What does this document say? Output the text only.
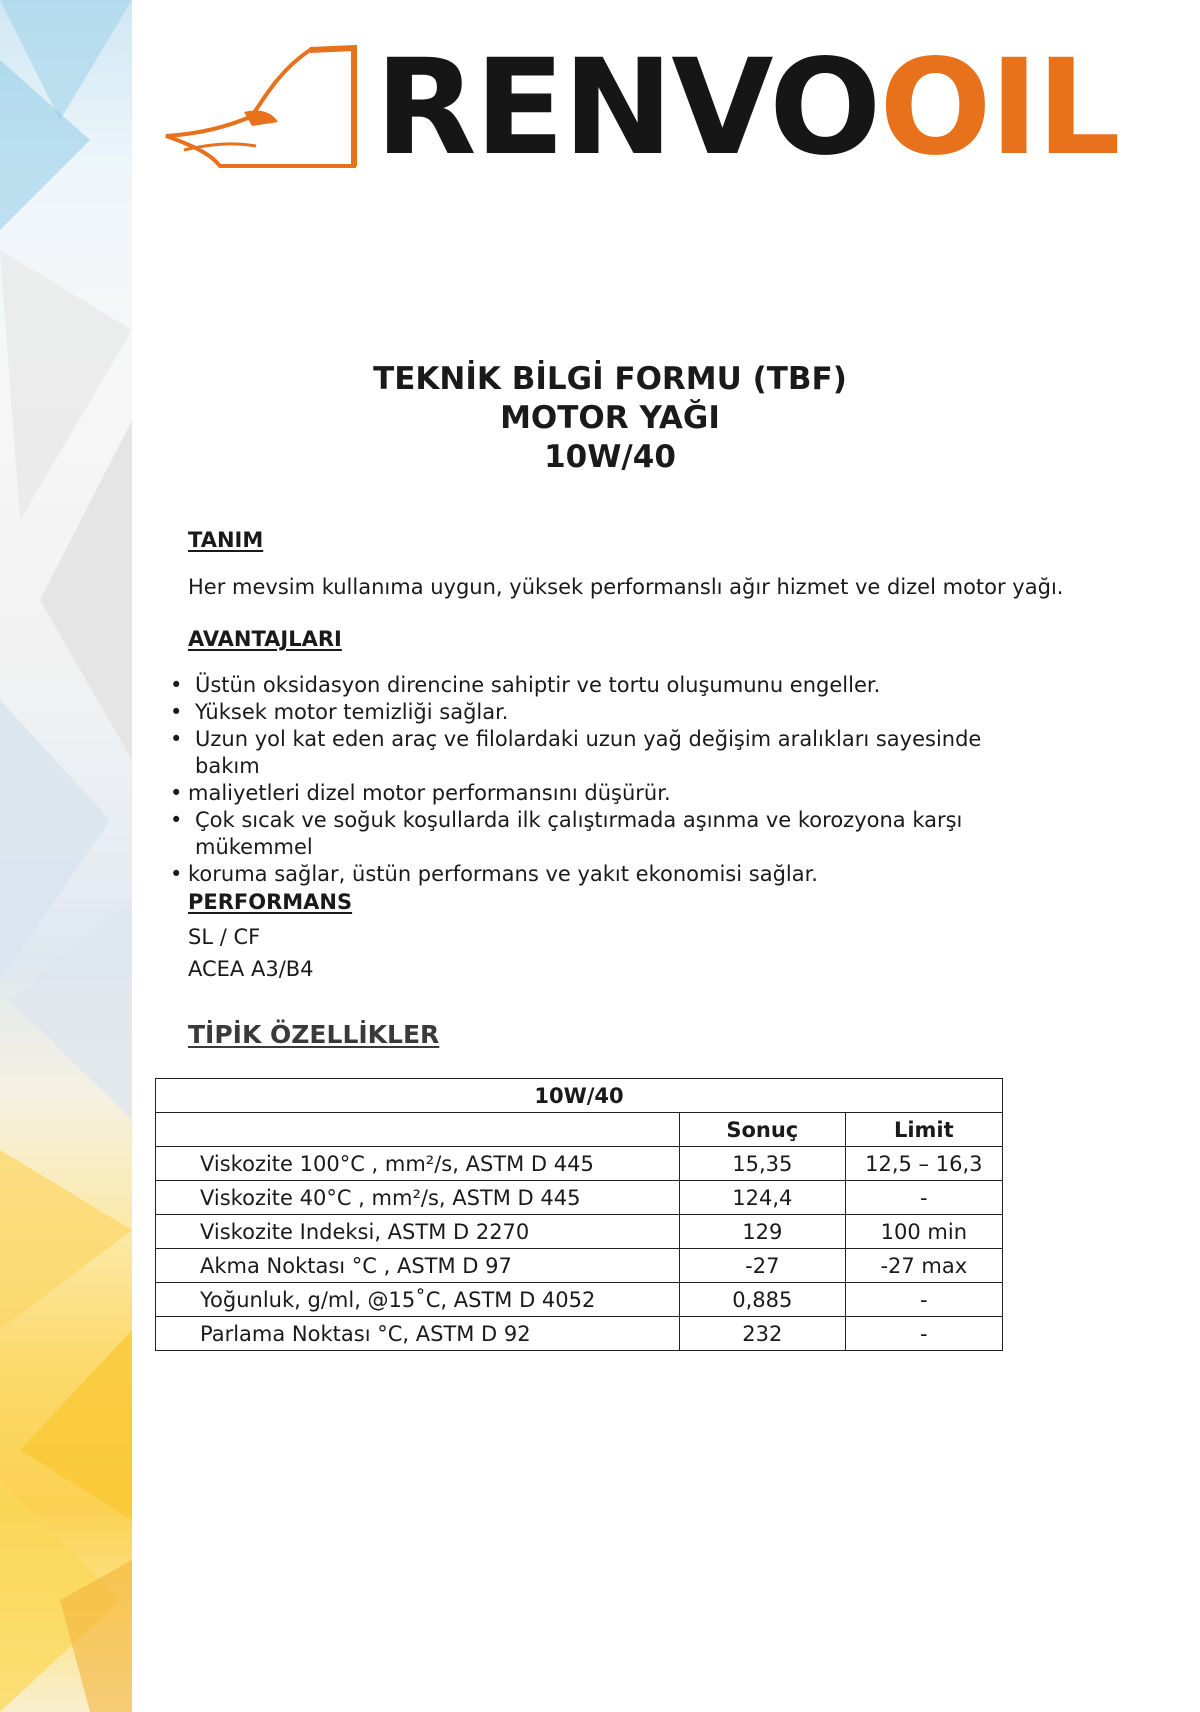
RENVO OIL
TEKNİK BİLGİ FORMU (TBF)
MOTOR YAĞI
10W/40
TANIM
Her mevsim kullanıma uygun, yüksek performanslı ağır hizmet ve dizel motor yağı.
AVANTAJLARI
• Üstün oksidasyon direncine sahiptir ve tortu oluşumunu engeller.
• Yüksek motor temizliği sağlar.
• Uzun yol kat eden araç ve filolardaki uzun yağ değişim aralıkları sayesinde bakım
• maliyetleri dizel motor performansını düşürür.
• Çok sıcak ve soğuk koşullarda ilk çalıştırmada aşınma ve korozyona karşı mükemmel
• koruma sağlar, üstün performans ve yakıt ekonomisi sağlar.
PERFORMANS
SL / CF
ACEA A3/B4
TİPİK ÖZELLİKLER
10W/40		
	Sonuç	Limit
Viskozite 100°C , mm²/s, ASTM D 445	15,35	12,5 – 16,3
Viskozite 40°C , mm²/s, ASTM D 445	124,4	-
Viskozite Indeksi, ASTM D 2270	129	100 min
Akma Noktası °C , ASTM D 97	-27	-27 max
Yoğunluk, g/ml, @15˚C, ASTM D 4052	0,885	-
Parlama Noktası °C, ASTM D 92	232	-
